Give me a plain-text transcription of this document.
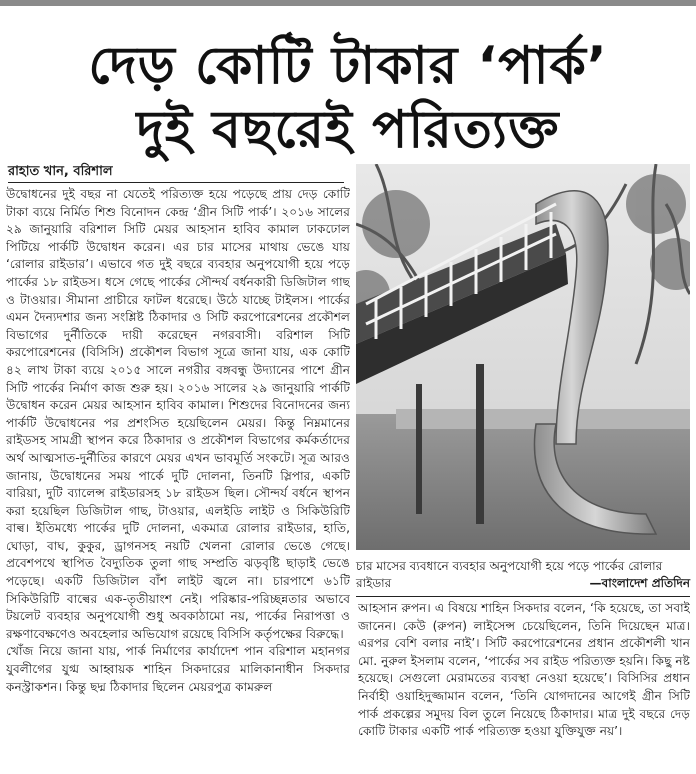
দেড় কোটি টাকার ‘পার্ক’
দুই বছরেই পরিত্যক্ত
রাহাত খান, বরিশাল

উদ্বোধনের দুই বছর না যেতেই পরিত্যক্ত হয়ে পড়েছে প্রায় দেড় কোটি টাকা ব্যয়ে নির্মিত শিশু বিনোদন কেন্দ্র ‘গ্রীন সিটি পার্ক’। ২০১৬ সালের ২৯ জানুয়ারি বরিশাল সিটি মেয়র আহসান হাবিব কামাল ঢাকঢোল পিটিয়ে পার্কটি উদ্বোধন করেন। এর চার মাসের মাথায় ভেঙে যায় ‘রোলার রাইডার’। এভাবে গত দুই বছরে ব্যবহার অনুপযোগী হয়ে পড়ে পার্কের ১৮ রাইডস। ধসে গেছে পার্কের সৌন্দর্য বর্ধনকারী ডিজিটাল গাছ ও টাওয়ার। সীমানা প্রাচীরে ফাটল ধরেছে। উঠে যাচ্ছে টাইলস। পার্কের এমন দৈন্যদশার জন্য সংশ্লিষ্ট ঠিকাদার ও সিটি করপোরেশনের প্রকৌশল বিভাগের দুর্নীতিকে দায়ী করেছেন নগরবাসী। বরিশাল সিটি করপোরেশনের (বিসিসি) প্রকৌশল বিভাগ সূত্রে জানা যায়, এক কোটি ৪২ লাখ টাকা ব্যয়ে ২০১৫ সালে নগরীর বঙ্গবন্ধু উদ্যানের পাশে গ্রীন সিটি পার্কের নির্মাণ কাজ শুরু হয়। ২০১৬ সালের ২৯ জানুয়ারি পার্কটি উদ্বোধন করেন মেয়র আহসান হাবিব কামাল। শিশুদের বিনোদনের জন্য পার্কটি উদ্বোধনের পর প্রশংসিত হয়েছিলেন মেয়র। কিন্তু নিম্নমানের রাইডসহ সামগ্রী স্থাপন করে ঠিকাদার ও প্রকৌশল বিভাগের কর্মকর্তাদের অর্থ আত্মসাত-দুর্নীতির কারণে মেয়র এখন ভাবমূর্তি সংকটে। সূত্র আরও জানায়, উদ্বোধনের সময় পার্কে দুটি দোলনা, তিনটি স্লিপার, একটি বারিয়া, দুটি ব্যালেন্স রাইডারসহ ১৮ রাইডস ছিল। সৌন্দর্য বর্ধনে স্থাপন করা হয়েছিল ডিজিটাল গাছ, টাওয়ার, এলইডি লাইট ও সিকিউরিটি বাল্ব। ইতিমধ্যে পার্কের দুটি দোলনা, একমাত্র রোলার রাইডার, হাতি, ঘোড়া, বাঘ, কুকুর, ড্রাগনসহ নয়টি খেলনা রোলার ভেঙে গেছে। প্রবেশপথে স্থাপিত বৈদ্যুতিক তুলা গাছ সম্প্রতি ঝড়বৃষ্টি ছাড়াই ভেঙে পড়েছে। একটি ডিজিটাল বাঁশ লাইট জ্বলে না। চারপাশে ৬১টি সিকিউরিটি বাল্বের এক-তৃতীয়াংশ নেই। পরিষ্কার-পরিচ্ছন্নতার অভাবে টয়লেট ব্যবহার অনুপযোগী শুধু অবকাঠামো নয়, পার্কের নিরাপত্তা ও রক্ষণাবেক্ষণেও অবহেলার অভিযোগ রয়েছে বিসিসি কর্তৃপক্ষের বিরুদ্ধে।

খোঁজ নিয়ে জানা যায়, পার্ক নির্মাণের কার্যাদেশ পান বরিশাল মহানগর যুবলীগের যুগ্ম আহ্বায়ক শাহিন সিকদারের মালিকানাধীন সিকদার কনস্ট্রাকশন। কিন্তু ছদ্ম ঠিকাদার ছিলেন মেয়রপুত্র কামরুল

চার মাসের ব্যবধানে ব্যবহার অনুপযোগী হয়ে পড়ে পার্কের রোলার রাইডার	—বাংলাদেশ প্রতিদিন

আহসান রুপন। এ বিষয়ে শাহিন সিকদার বলেন, ‘কি হয়েছে, তা সবাই জানেন। কেউ (রুপন) লাইসেন্স চেয়েছিলেন, তিনি দিয়েছেন মাত্র। এরপর বেশি বলার নাই’। সিটি করপোরেশনের প্রধান প্রকৌশলী খান মো. নুরুল ইসলাম বলেন, ‘পার্কের সব রাইড পরিত্যক্ত হয়নি। কিছু নষ্ট হয়েছে। সেগুলো মেরামতের ব্যবস্থা নেওয়া হয়েছে’। বিসিসির প্রধান নির্বাহী ওয়াহিদুজ্জামান বলেন, ‘তিনি যোগদানের আগেই গ্রীন সিটি পার্ক প্রকল্পের সমুদয় বিল তুলে নিয়েছে ঠিকাদার। মাত্র দুই বছরে দেড় কোটি টাকার একটি পার্ক পরিত্যক্ত হওয়া যুক্তিযুক্ত নয়’।
